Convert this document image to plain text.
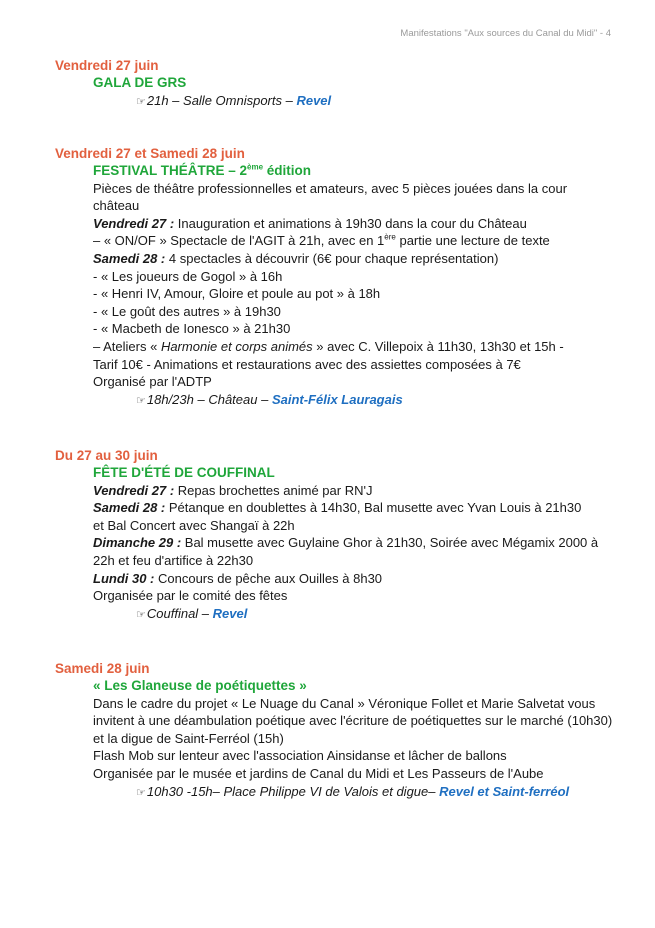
Manifestations "Aux sources du Canal du Midi" - 4
Vendredi 27 juin
GALA DE GRS
☞21h – Salle Omnisports – Revel
Vendredi 27 et Samedi 28 juin
FESTIVAL THÉÂTRE – 2ème édition
Pièces de théâtre professionnelles et amateurs, avec 5 pièces jouées dans la cour château
Vendredi 27 : Inauguration et animations à 19h30 dans la cour du Château
– « ON/OF » Spectacle de l'AGIT à 21h, avec en 1ère partie une lecture de texte
Samedi 28 : 4 spectacles à découvrir (6€ pour chaque représentation)
- « Les joueurs de Gogol » à 16h
- « Henri IV, Amour, Gloire et poule au pot » à 18h
- « Le goût des autres » à 19h30
- « Macbeth de Ionesco » à 21h30
– Ateliers « Harmonie et corps animés » avec C. Villepoix à 11h30, 13h30 et 15h -
Tarif 10€ - Animations et restaurations avec des assiettes composées à 7€
Organisé par l'ADTP
☞18h/23h – Château – Saint-Félix Lauragais
Du 27 au 30 juin
FÊTE D'ÉTÉ DE COUFFINAL
Vendredi 27 : Repas brochettes animé par RN'J
Samedi 28 : Pétanque en doublettes à 14h30, Bal musette avec Yvan Louis à 21h30 et Bal Concert avec Shangaï à 22h
Dimanche 29 : Bal musette avec Guylaine Ghor à 21h30, Soirée avec Mégamix 2000 à 22h et feu d'artifice à 22h30
Lundi 30 : Concours de pêche aux Ouilles à 8h30
Organisée par le comité des fêtes
☞Couffinal – Revel
Samedi 28 juin
« Les Glaneuse de poétiquettes »
Dans le cadre du projet « Le Nuage du Canal » Véronique Follet et Marie Salvetat vous invitent à une déambulation poétique avec l'écriture de poétiquettes sur le marché (10h30) et la digue de Saint-Ferréol (15h)
Flash Mob sur lenteur avec l'association Ainsidanse et lâcher de ballons
Organisée par le musée et jardins de Canal du Midi et Les Passeurs de l'Aube
☞10h30 -15h– Place Philippe VI de Valois et digue– Revel et Saint-ferréol
